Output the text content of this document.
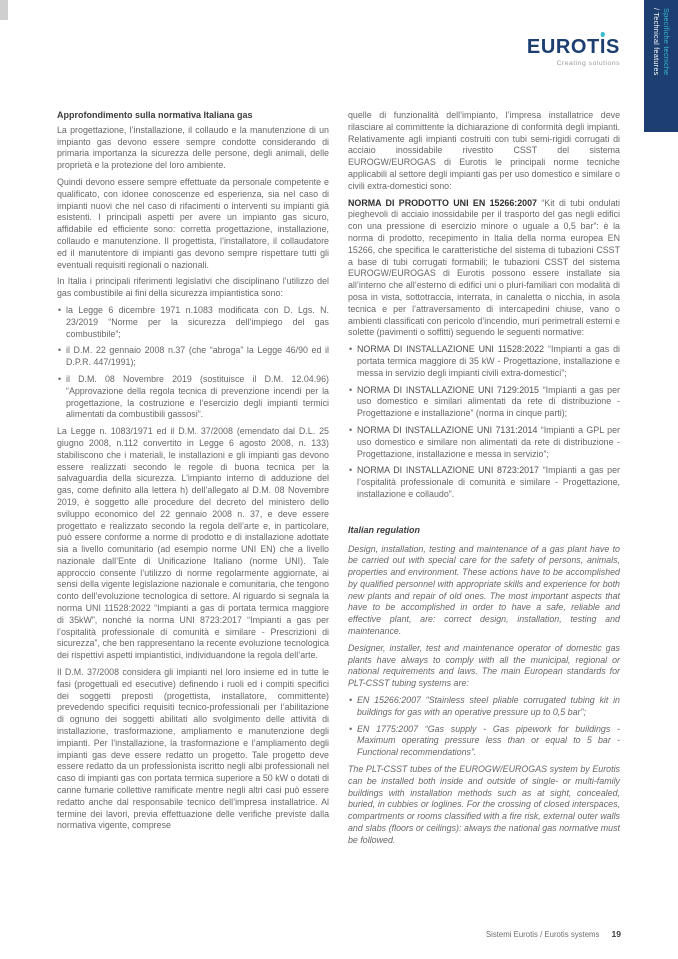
EUROTIS
Creating solutions	Specifiche tecniche
/ Technical features
Approfondimento sulla normativa Italiana gas

La progettazione, l’installazione, il collaudo e la manutenzione di un impianto gas devono essere sempre condotte considerando di primaria importanza la sicurezza delle persone, degli animali, delle proprietà e la protezione del loro ambiente.

Quindi devono essere sempre effettuate da personale competente e qualificato, con idonee conoscenze ed esperienza, sia nel caso di impianti nuovi che nel caso di rifacimenti o interventi su impianti già esistenti. I principali aspetti per avere un impianto gas sicuro, affidabile ed efficiente sono: corretta progettazione, installazione, collaudo e manutenzione. Il progettista, l’installatore, il collaudatore ed il manutentore di impianti gas devono sempre rispettare tutti gli eventuali requisiti regionali o nazionali.

In Italia i principali riferimenti legislativi che disciplinano l’utilizzo del gas combustibile ai fini della sicurezza impiantistica sono:

• la Legge 6 dicembre 1971 n.1083 modificata con D. Lgs. N. 23/2019 “Norme per la sicurezza dell’impiego del gas combustibile”;
• il D.M. 22 gennaio 2008 n.37 (che “abroga” la Legge 46/90 ed il D.P.R. 447/1991);
• il D.M. 08 Novembre 2019 (sostituisce il D.M. 12.04.96) “Approvazione della regola tecnica di prevenzione incendi per la progettazione, la costruzione e l’esercizio degli impianti termici alimentati da combustibili gassosi”.

La Legge n. 1083/1971 ed il D.M. 37/2008 (emendato dal D.L. 25 giugno 2008, n.112 convertito in Legge 6 agosto 2008, n. 133) stabiliscono che i materiali, le installazioni e gli impianti gas devono essere realizzati secondo le regole di buona tecnica per la salvaguardia della sicurezza. L’impianto interno di adduzione del gas, come definito alla lettera h) dell’allegato al D.M. 08 Novembre 2019, è soggetto alle procedure del decreto del ministero dello sviluppo economico del 22 gennaio 2008 n. 37, e deve essere progettato e realizzato secondo la regola dell’arte e, in particolare, può essere conforme a norme di prodotto e di installazione adottate sia a livello comunitario (ad esempio norme UNI EN) che a livello nazionale dall’Ente di Unificazione Italiano (norme UNI). Tale approccio consente l’utilizzo di norme regolarmente aggiornate, ai sensi della vigente legislazione nazionale e comunitaria, che tengono conto dell’evoluzione tecnologica di settore. Al riguardo si segnala la norma UNI 11528:2022 “Impianti a gas di portata termica maggiore di 35kW”, nonché la norma UNI 8723:2017 “Impianti a gas per l’ospitalità professionale di comunità e similare - Prescrizioni di sicurezza”, che ben rappresentano la recente evoluzione tecnologica dei rispettivi aspetti impiantistici, individuandone la regola dell’arte.

Il D.M. 37/2008 considera gli impianti nel loro insieme ed in tutte le fasi (progettuali ed esecutive) definendo i ruoli ed i compiti specifici dei soggetti preposti (progettista, installatore, committente) prevedendo specifici requisiti tecnico-professionali per l’abilitazione di ognuno dei soggetti abilitati allo svolgimento delle attività di installazione, trasformazione, ampliamento e manutenzione degli impianti. Per l’installazione, la trasformazione e l’ampliamento degli impianti gas deve essere redatto un progetto. Tale progetto deve essere redatto da un professionista iscritto negli albi professionali nel caso di impianti gas con portata termica superiore a 50 kW o dotati di canne fumarie collettive ramificate mentre negli altri casi può essere redatto anche dal responsabile tecnico dell’impresa installatrice. Al termine dei lavori, previa effettuazione delle verifiche previste dalla normativa vigente, comprese

quelle di funzionalità dell’impianto, l’impresa installatrice deve rilasciare al committente la dichiarazione di conformità degli impianti. Relativamente agli impianti costruiti con tubi semi-rigidi corrugati di acciaio inossidabile rivestito CSST del sistema EUROGW/EUROGAS di Eurotis le principali norme tecniche applicabili al settore degli impianti gas per uso domestico e similare o civili extra-domestici sono:

NORMA DI PRODOTTO UNI EN 15266:2007 “Kit di tubi ondulati pieghevoli di acciaio inossidabile per il trasporto del gas negli edifici con una pressione di esercizio minore o uguale a 0,5 bar”: è la norma di prodotto, recepimento in Italia della norma europea EN 15266, che specifica le caratteristiche del sistema di tubazioni CSST a base di tubi corrugati formabili; le tubazioni CSST del sistema EUROGW/EUROGAS di Eurotis possono essere installate sia all’interno che all’esterno di edifici uni o pluri-familiari con modalità di posa in vista, sottotraccia, interrata, in canaletta o nicchia, in asola tecnica e per l’attraversamento di intercapedini chiuse, vano o ambienti classificati con pericolo d’incendio, muri perimetrali esterni e solette (pavimenti o soffitti) seguendo le seguenti normative:

• NORMA DI INSTALLAZIONE UNI 11528:2022 “Impianti a gas di portata termica maggiore di 35 kW - Progettazione, installazione e messa in servizio degli impianti civili extra-domestici”;
• NORMA DI INSTALLAZIONE UNI 7129:2015 “Impianti a gas per uso domestico e similari alimentati da rete di distribuzione - Progettazione e installazione” (norma in cinque parti);
• NORMA DI INSTALLAZIONE UNI 7131:2014 “Impianti a GPL per uso domestico e similare non alimentati da rete di distribuzione - Progettazione, installazione e messa in servizio”;
• NORMA DI INSTALLAZIONE UNI 8723:2017 “Impianti a gas per l’ospitalità professionale di comunità e similare - Progettazione, installazione e collaudo”.
Italian regulation

Design, installation, testing and maintenance of a gas plant have to be carried out with special care for the safety of persons, animals, properties and environment. These actions have to be accomplished by qualified personnel with appropriate skills and experience for both new plants and repair of old ones. The most important aspects that have to be accomplished in order to have a safe, reliable and effective plant, are: correct design, installation, testing and maintenance.

Designer, installer, test and maintenance operator of domestic gas plants have always to comply with all the municipal, regional or national requirements and laws. The main European standards for PLT-CSST tubing systems are:

• EN 15266:2007 “Stainless steel pliable corrugated tubing kit in buildings for gas with an operative pressure up to 0,5 bar”;
• EN 1775:2007 “Gas supply - Gas pipework for buildings - Maximum operating pressure less than or equal to 5 bar - Functional recommendations”.

The PLT-CSST tubes of the EUROGW/EUROGAS system by Eurotis can be installed both inside and outside of single- or multi-family buildings with installation methods such as at sight, concealed, buried, in cubbies or loglines. For the crossing of closed interspaces, compartments or rooms classified with a fire risk, external outer walls and slabs (floors or ceilings): always the national gas normative must be followed.

Sistemi Eurotis / Eurotis systems 19
